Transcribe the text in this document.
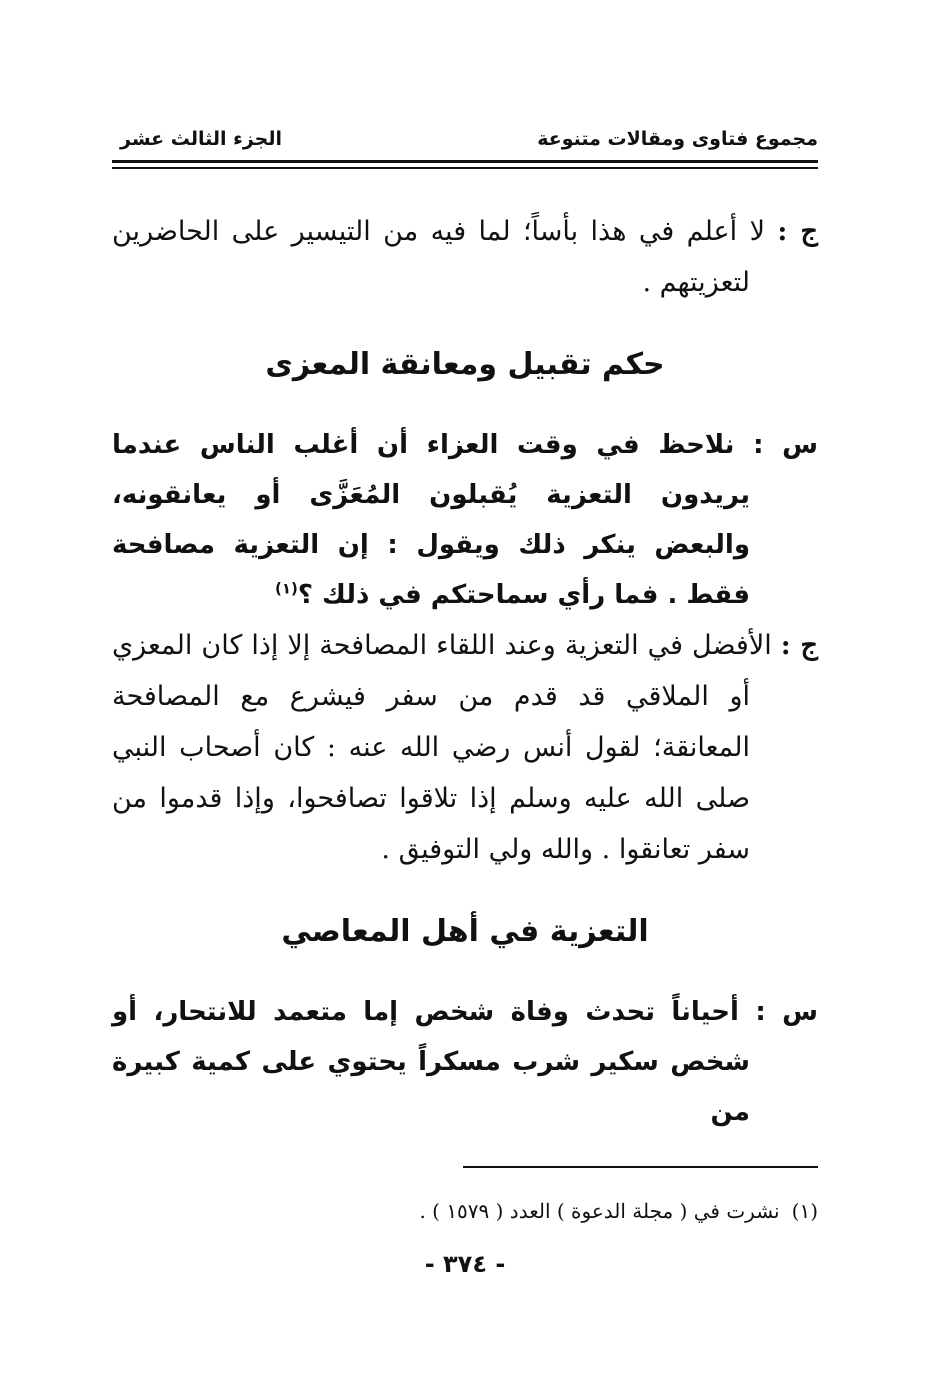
مجموع فتاوى ومقالات متنوعة
الجزء الثالث عشر

ج : لا أعلم في هذا بأساً؛ لما فيه من التيسير على الحاضرين لتعزيتهم .

حكم تقبيل ومعانقة المعزى

س : نلاحظ في وقت العزاء أن أغلب الناس عندما يريدون التعزية يُقبلون المُعَزَّى أو يعانقونه، والبعض ينكر ذلك ويقول : إن التعزية مصافحة فقط . فما رأي سماحتكم في ذلك ؟$^{(١)}$

ج : الأفضل في التعزية وعند اللقاء المصافحة إلا إذا كان المعزي أو الملاقي قد قدم من سفر فيشرع مع المصافحة المعانقة؛ لقول أنس رضي الله عنه : كان أصحاب النبي صلى الله عليه وسلم إذا تلاقوا تصافحوا، وإذا قدموا من سفر تعانقوا . والله ولي التوفيق .

التعزية في أهل المعاصي

س : أحياناً تحدث وفاة شخص إما متعمد للانتحار، أو شخص سكير شرب مسكراً يحتوي على كمية كبيرة من

(١)نشرت في ( مجلة الدعوة ) العدد ( ١٥٧٩ ) .
- ٣٧٤ -
